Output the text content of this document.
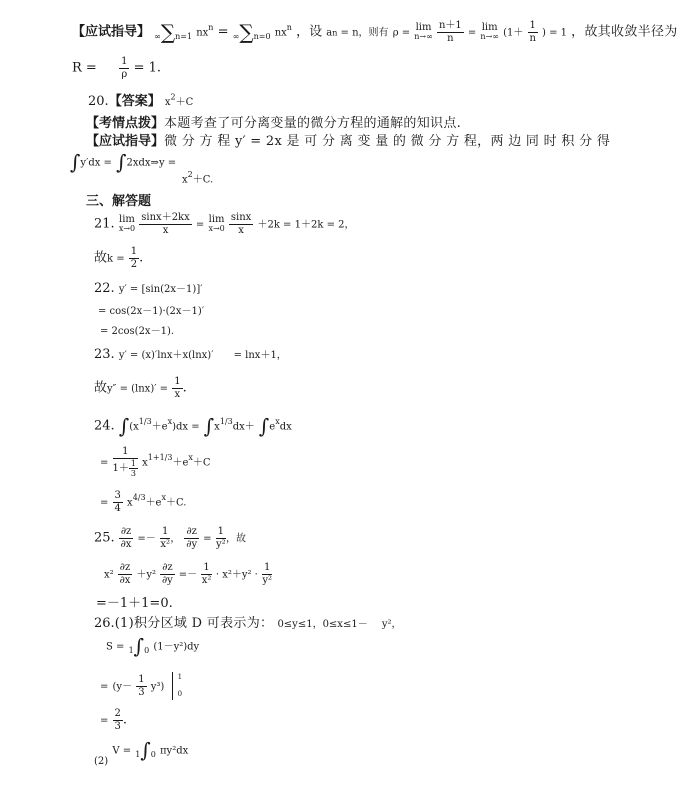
【应试指导】 ∞∑n=1 $nx^n = \infty\sum n=0$ $nx^n$ ，设 an = n，则有 ρ = lim
n→∞
$\frac{n+1}{n} = \lim$
n→∞ ($1+ \frac{1}{n}$ ) = 1 ，故其收敛半径为
$R = \frac{1}{\rho} = 1$.
20.【答案】 $x^2+C$
【考情点拨】本题考查了可分离变量的微分方程的通解的知识点.
【应试指导】微 分 方 程 y′ = 2x 是 可 分 离 变 量 的 微 分 方 程，两 边 同 时 积 分 得
∫y′dx = ∫2xdx⇒y =
$x^2+C$.
三、解答题
21. lim
x→0
$\frac{\sin x+2kx}{x} = \lim$
x→0
$\frac{\sin x}{x} +2k = 1+2k = 2$，
故$k = \frac{1}{2}$ .
22. y′ = [sin(2x－1)]′
= cos(2x－1)·(2x－1)′
= 2cos(2x－1).
23. y′ = (x)′lnx＋x(lnx)′ = lnx＋1，
故$y'' = (\ln x)' = \frac{1}{x}$ .
24. $\int(x^{1/3}+e^x)dx = \int x^{1/3}dx+ \int e^xdx$
= $\frac{1}{1+ \frac{1}{3}} x^{1+1/3}+e^x+C$
= $\frac{3}{4} x^{4/3}+e^x+C$.
25. $\frac{\partial z}{\partial x} =- \frac{1}{\text{x²}}$ ， $\frac{\partial z}{\partial y} = \frac{1}{\text{y²}}$ ，故
$x^2 \frac{\partial z}{\partial x} +y^2 \frac{\partial z}{\partial y} =- \frac{1}{\text{x²}} \cdot x^2+y^2 \cdot \frac{1}{\text{y²}}$
=－1＋1=0.
26.(1)积分区域 D 可表示为： 0≤y≤1，0≤x≤1－ y²，
S = 1∫0 (1－y²)dy
= $(y- \frac{1}{3} y^3)$
1
0
= $\frac{2}{3}$ .
$_{(2)}$ V = 1∫0 πy²dx
